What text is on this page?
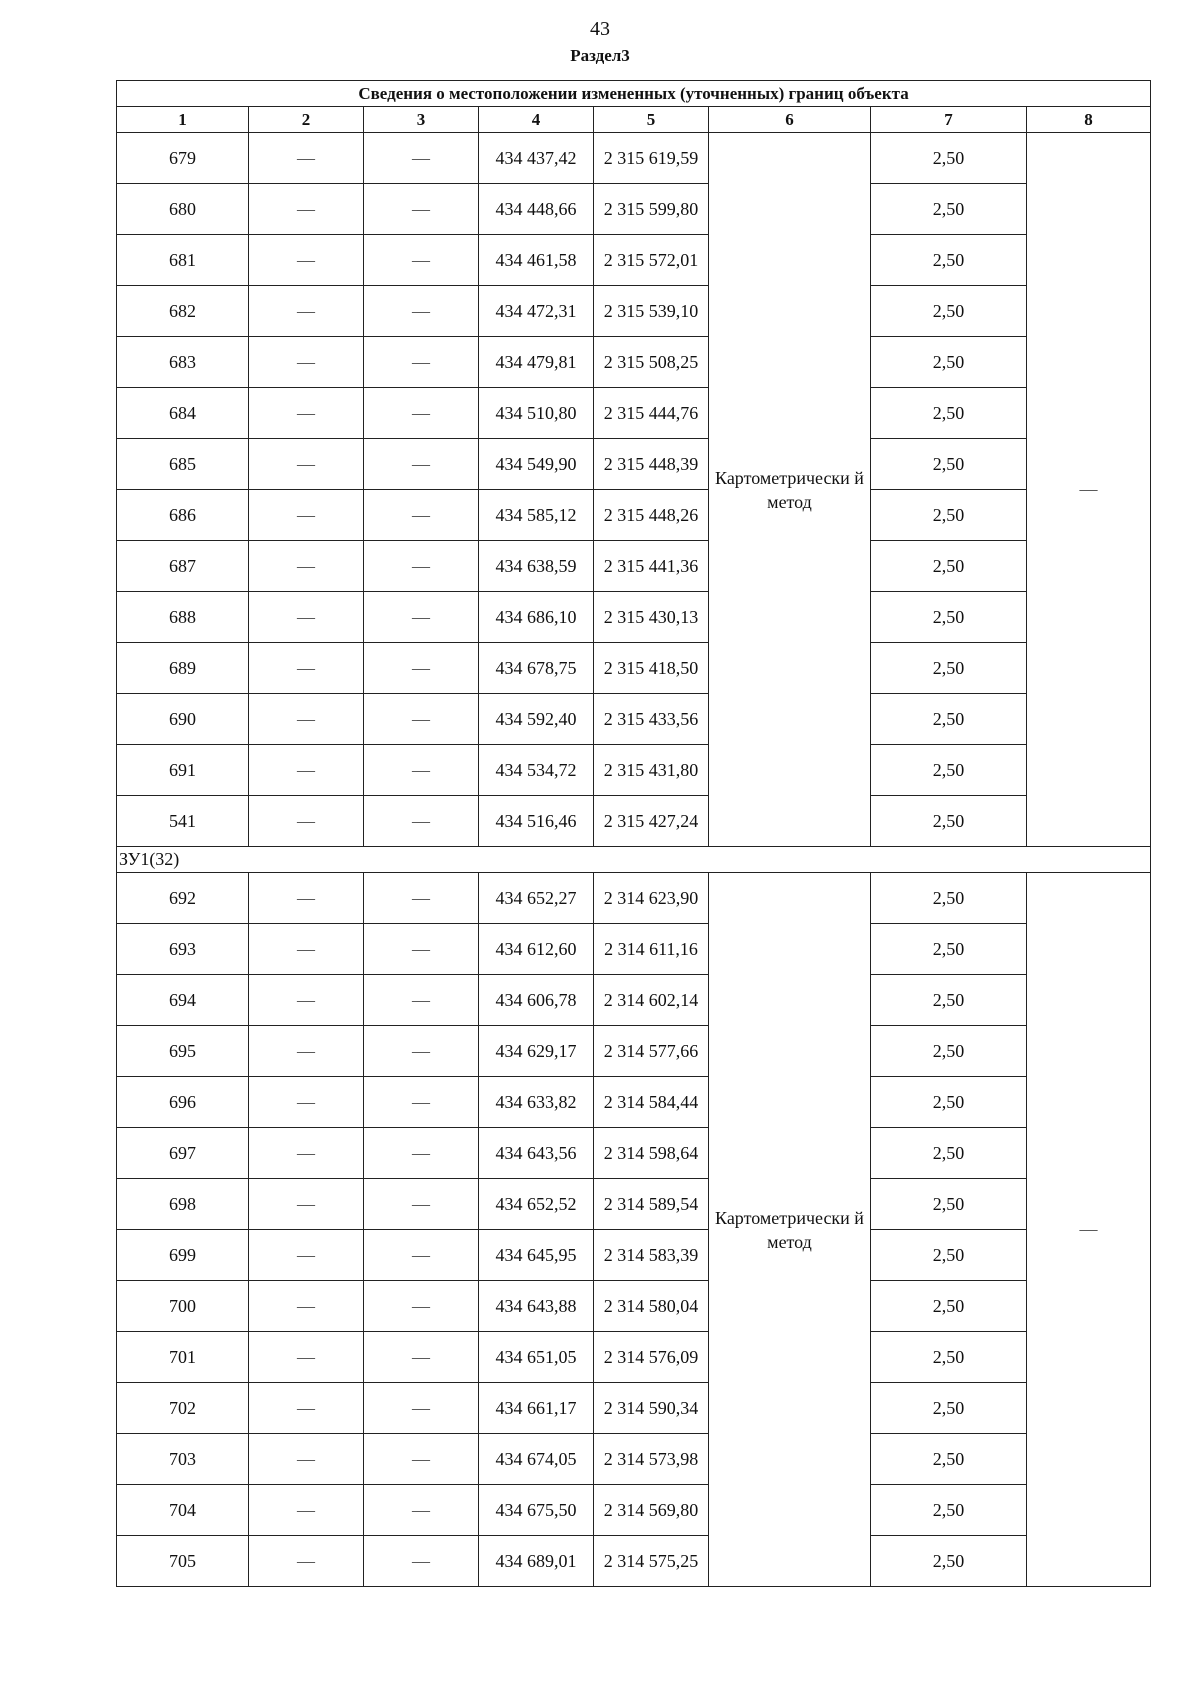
43
Раздел3
Сведения о местоположении измененных (уточненных) границ объекта							
1	2	3	4	5	6	7	8
679	—	—	434 437,42	2 315 619,59	Картометрически й метод	2,50	—
680	—	—	434 448,66	2 315 599,80		2,50	
681	—	—	434 461,58	2 315 572,01		2,50	
682	—	—	434 472,31	2 315 539,10		2,50	
683	—	—	434 479,81	2 315 508,25		2,50	
684	—	—	434 510,80	2 315 444,76		2,50	
685	—	—	434 549,90	2 315 448,39		2,50	
686	—	—	434 585,12	2 315 448,26		2,50	
687	—	—	434 638,59	2 315 441,36		2,50	
688	—	—	434 686,10	2 315 430,13		2,50	
689	—	—	434 678,75	2 315 418,50		2,50	
690	—	—	434 592,40	2 315 433,56		2,50	
691	—	—	434 534,72	2 315 431,80		2,50	
541	—	—	434 516,46	2 315 427,24		2,50	
ЗУ1(32)							
692	—	—	434 652,27	2 314 623,90	Картометрически й метод	2,50	—
693	—	—	434 612,60	2 314 611,16		2,50	
694	—	—	434 606,78	2 314 602,14		2,50	
695	—	—	434 629,17	2 314 577,66		2,50	
696	—	—	434 633,82	2 314 584,44		2,50	
697	—	—	434 643,56	2 314 598,64		2,50	
698	—	—	434 652,52	2 314 589,54		2,50	
699	—	—	434 645,95	2 314 583,39		2,50	
700	—	—	434 643,88	2 314 580,04		2,50	
701	—	—	434 651,05	2 314 576,09		2,50	
702	—	—	434 661,17	2 314 590,34		2,50	
703	—	—	434 674,05	2 314 573,98		2,50	
704	—	—	434 675,50	2 314 569,80		2,50	
705	—	—	434 689,01	2 314 575,25		2,50	
